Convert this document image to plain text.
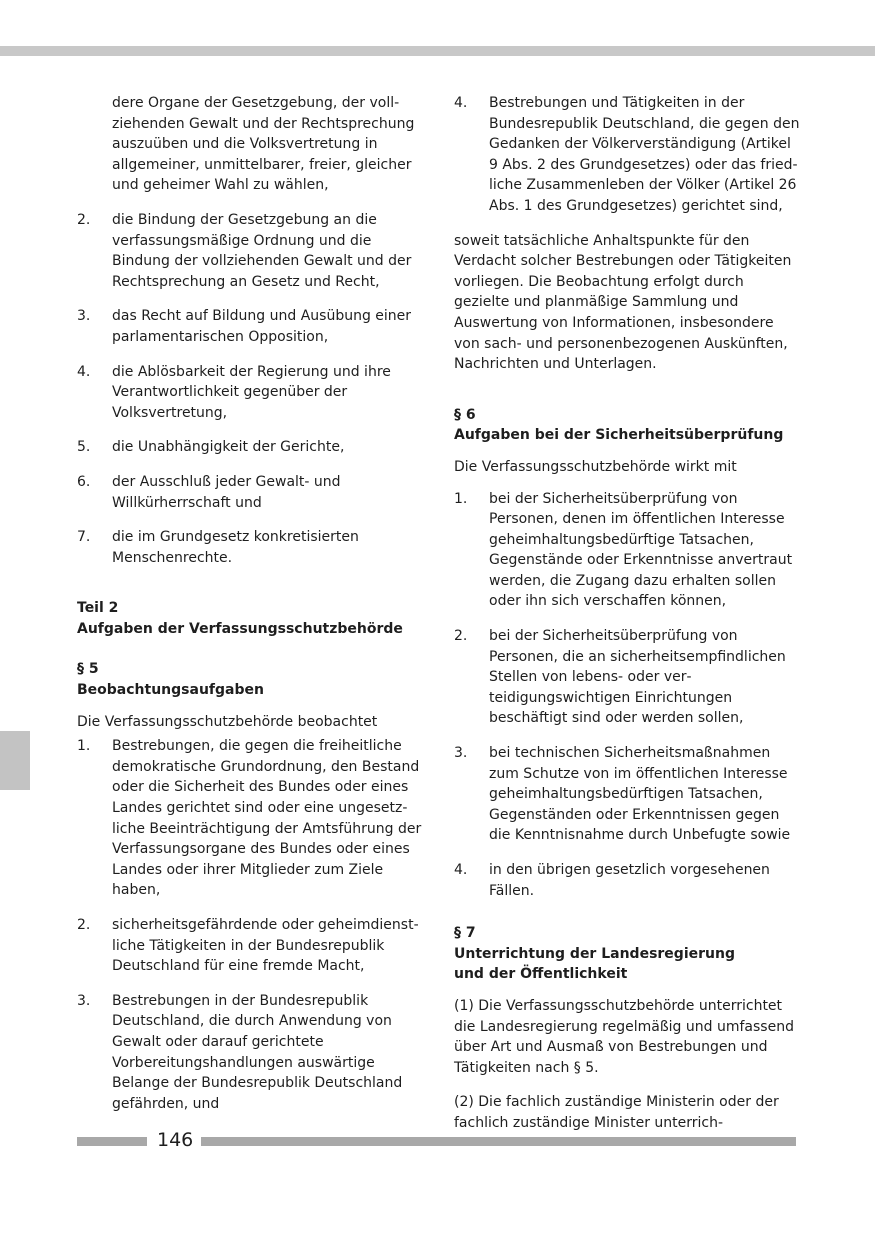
dere Organe der Gesetzgebung, der vollziehenden Gewalt und der Rechtsprechung auszuüben und die Volksvertretung in allgemeiner, unmittelbarer, freier, gleicher und geheimer Wahl zu wählen,

2. die Bindung der Gesetzgebung an die verfassungsmäßige Ordnung und die Bindung der vollziehenden Gewalt und der Rechtsprechung an Gesetz und Recht,
3. das Recht auf Bildung und Ausübung einer parlamentarischen Opposition,
4. die Ablösbarkeit der Regierung und ihre Verantwortlichkeit gegenüber der Volksvertretung,
5. die Unabhängigkeit der Gerichte,
6. der Ausschluß jeder Gewalt- und Willkürherrschaft und
7. die im Grundgesetz konkretisierten Menschenrechte.

Teil 2

Aufgaben der Verfassungsschutzbehörde

§ 5

Beobachtungsaufgaben

Die Verfassungsschutzbehörde beobachtet

1. Bestrebungen, die gegen die freiheitliche demokratische Grundordnung, den Bestand oder die Sicherheit des Bundes oder eines Landes gerichtet sind oder eine ungesetzliche Beeinträchtigung der Amtsführung der Verfassungsorgane des Bundes oder eines Landes oder ihrer Mitglieder zum Ziele haben,
2. sicherheitsgefährdende oder geheimdienstliche Tätigkeiten in der Bundesrepublik Deutschland für eine fremde Macht,
3. Bestrebungen in der Bundesrepublik Deutschland, die durch Anwendung von Gewalt oder darauf gerichtete Vorbereitungshandlungen auswärtige Belange der Bundesrepublik Deutschland gefährden, und
4. Bestrebungen und Tätigkeiten in der Bundesrepublik Deutschland, die gegen den Gedanken der Völkerverständigung (Artikel 9 Abs. 2 des Grundgesetzes) oder das friedliche Zusammenleben der Völker (Artikel 26 Abs. 1 des Grundgesetzes) gerichtet sind,

soweit tatsächliche Anhaltspunkte für den Verdacht solcher Bestrebungen oder Tätigkeiten vorliegen. Die Beobachtung erfolgt durch gezielte und planmäßige Sammlung und Auswertung von Informationen, insbesondere von sach- und personenbezogenen Auskünften, Nachrichten und Unterlagen.

§ 6

Aufgaben bei der Sicherheitsüberprüfung

Die Verfassungsschutzbehörde wirkt mit

1. bei der Sicherheitsüberprüfung von Personen, denen im öffentlichen Interesse geheimhaltungsbedürftige Tatsachen, Gegenstände oder Erkenntnisse anvertraut werden, die Zugang dazu erhalten sollen oder ihn sich verschaffen können,
2. bei der Sicherheitsüberprüfung von Personen, die an sicherheitsempfindlichen Stellen von lebens- oder verteidigungswichtigen Einrichtungen beschäftigt sind oder werden sollen,
3. bei technischen Sicherheitsmaßnahmen zum Schutze von im öffentlichen Interesse geheimhaltungsbedürftigen Tatsachen, Gegenständen oder Erkenntnissen gegen die Kenntnisnahme durch Unbefugte sowie
4. in den übrigen gesetzlich vorgesehenen Fällen.

§ 7

Unterrichtung der Landesregierung

und der Öffentlichkeit

(1) Die Verfassungsschutzbehörde unterrichtet die Landesregierung regelmäßig und umfassend über Art und Ausmaß von Bestrebungen und Tätigkeiten nach § 5.

(2) Die fachlich zuständige Ministerin oder der fachlich zuständige Minister unterrich-

146
